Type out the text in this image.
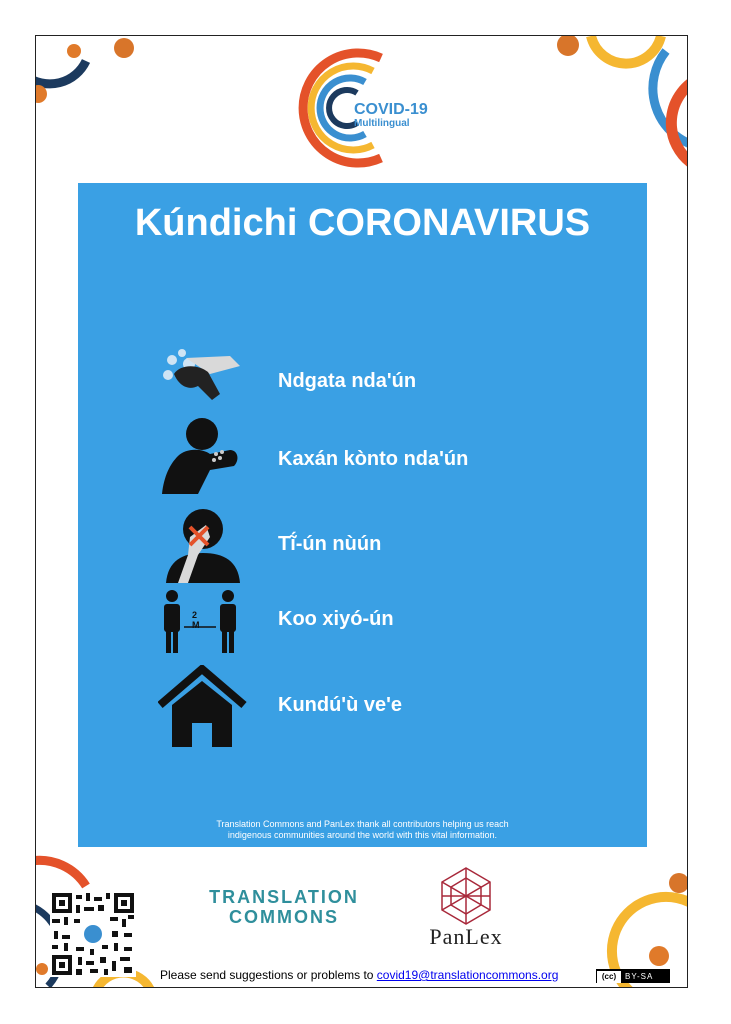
COVID-19
Multilingual
Kúndichi CORONAVIRUS
Ndgata nda'ún
Kaxán kònto nda'ún
Tĩ́-ún nùún
2 M	Koo xiyó-ún
Kundú'ù ve'e
Translation Commons and PanLex thank all contributors helping us reach
indigenous communities around the world with this vital information.
TRANSLATION
COMMONS
PanLex
Please send suggestions or problems to covid19@translationcommons.org	(cc) BY-SA
